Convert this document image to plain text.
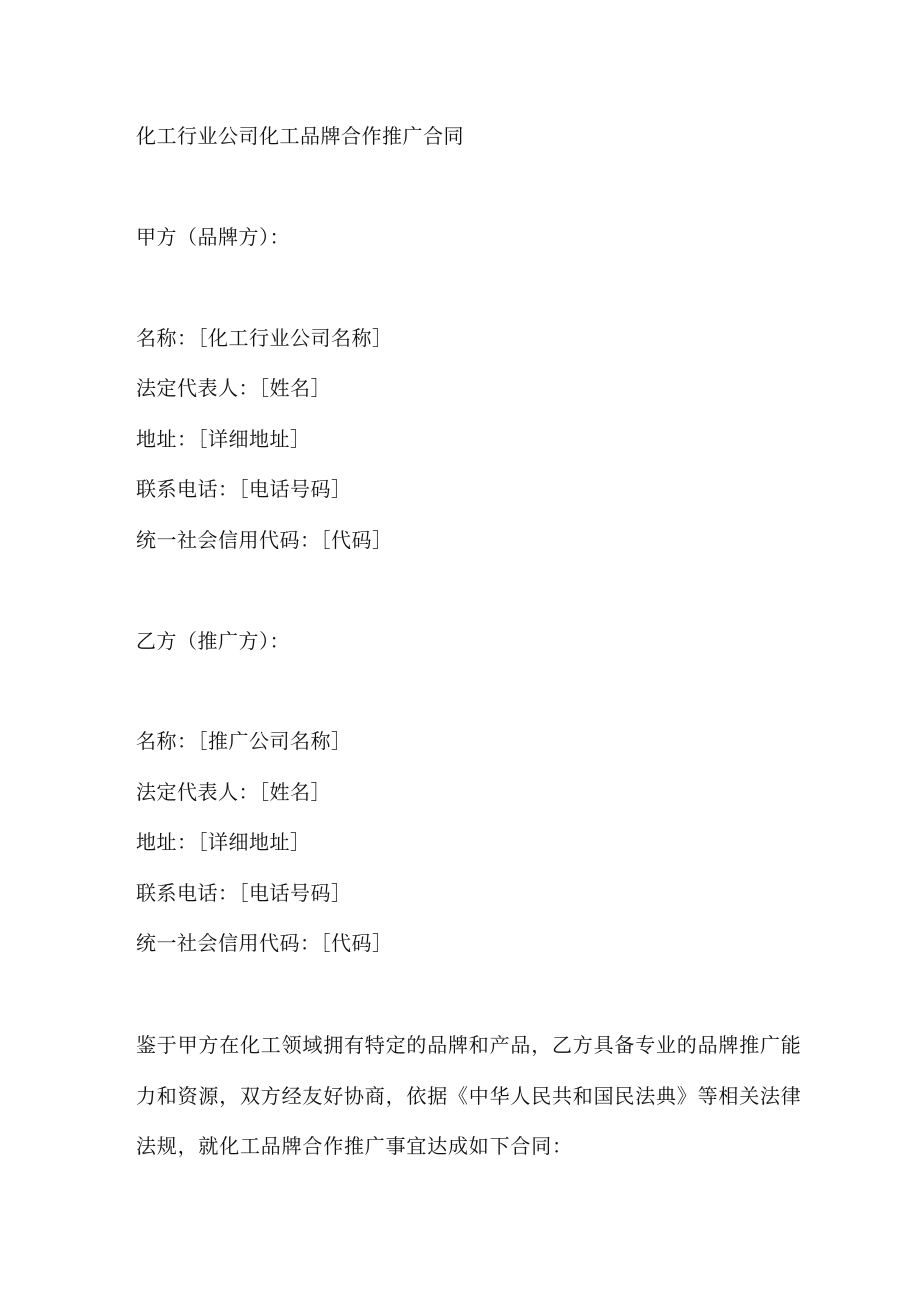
化工行业公司化工品牌合作推广合同
甲方（品牌方）：
名称：［化工行业公司名称］
法定代表人：［姓名］
地址：［详细地址］
联系电话：［电话号码］
统一社会信用代码：［代码］
乙方（推广方）：
名称：［推广公司名称］
法定代表人：［姓名］
地址：［详细地址］
联系电话：［电话号码］
统一社会信用代码：［代码］
鉴于甲方在化工领域拥有特定的品牌和产品，乙方具备专业的品牌推广能
力和资源，双方经友好协商，依据《中华人民共和国民法典》等相关法律
法规，就化工品牌合作推广事宜达成如下合同：
